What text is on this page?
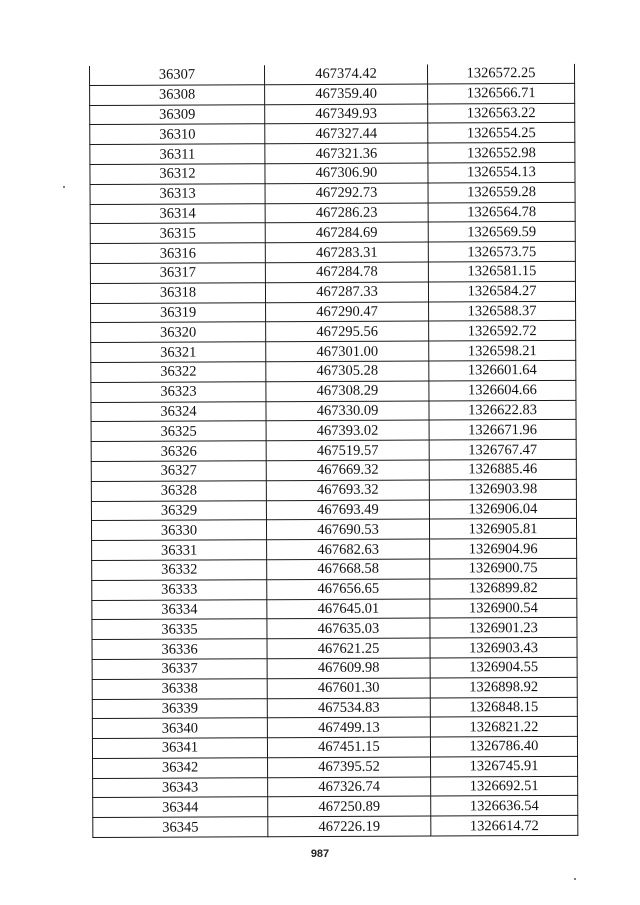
36307	467374.42	1326572.25
36308	467359.40	1326566.71
36309	467349.93	1326563.22
36310	467327.44	1326554.25
36311	467321.36	1326552.98
36312	467306.90	1326554.13
36313	467292.73	1326559.28
36314	467286.23	1326564.78
36315	467284.69	1326569.59
36316	467283.31	1326573.75
36317	467284.78	1326581.15
36318	467287.33	1326584.27
36319	467290.47	1326588.37
36320	467295.56	1326592.72
36321	467301.00	1326598.21
36322	467305.28	1326601.64
36323	467308.29	1326604.66
36324	467330.09	1326622.83
36325	467393.02	1326671.96
36326	467519.57	1326767.47
36327	467669.32	1326885.46
36328	467693.32	1326903.98
36329	467693.49	1326906.04
36330	467690.53	1326905.81
36331	467682.63	1326904.96
36332	467668.58	1326900.75
36333	467656.65	1326899.82
36334	467645.01	1326900.54
36335	467635.03	1326901.23
36336	467621.25	1326903.43
36337	467609.98	1326904.55
36338	467601.30	1326898.92
36339	467534.83	1326848.15
36340	467499.13	1326821.22
36341	467451.15	1326786.40
36342	467395.52	1326745.91
36343	467326.74	1326692.51
36344	467250.89	1326636.54
36345	467226.19	1326614.72
987
